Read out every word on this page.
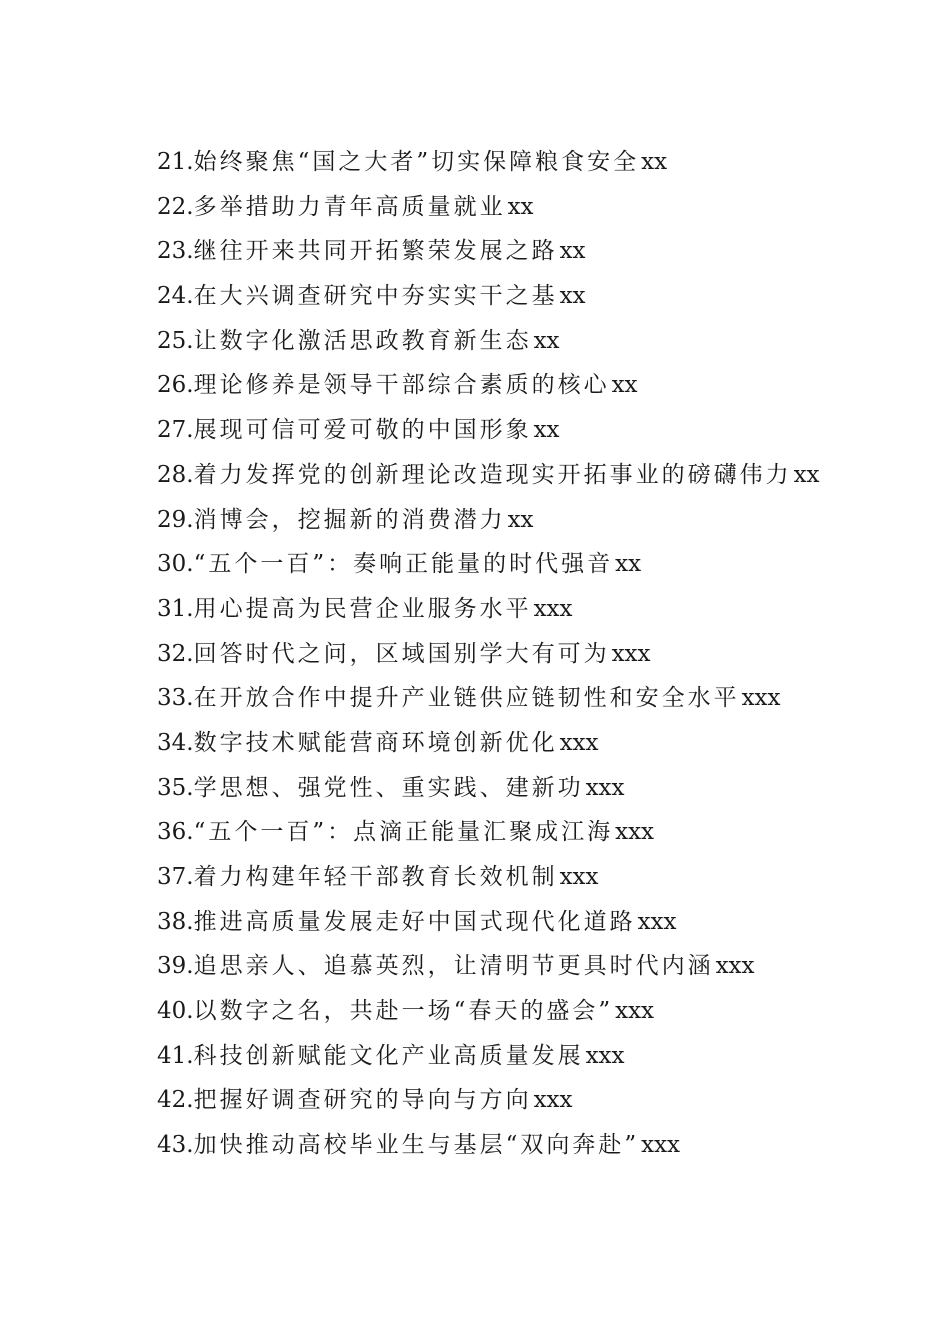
21.始终聚焦“国之大者”切实保障粮食安全xx
22.多举措助力青年高质量就业xx
23.继往开来共同开拓繁荣发展之路xx
24.在大兴调查研究中夯实实干之基xx
25.让数字化激活思政教育新生态xx
26.理论修养是领导干部综合素质的核心xx
27.展现可信可爱可敬的中国形象xx
28.着力发挥党的创新理论改造现实开拓事业的磅礴伟力xx
29.消博会，挖掘新的消费潜力xx
30.“五个一百”：奏响正能量的时代强音xx
31.用心提高为民营企业服务水平xxx
32.回答时代之问，区域国别学大有可为xxx
33.在开放合作中提升产业链供应链韧性和安全水平xxx
34.数字技术赋能营商环境创新优化xxx
35.学思想、强党性、重实践、建新功xxx
36.“五个一百”：点滴正能量汇聚成江海xxx
37.着力构建年轻干部教育长效机制xxx
38.推进高质量发展走好中国式现代化道路xxx
39.追思亲人、追慕英烈，让清明节更具时代内涵xxx
40.以数字之名，共赴一场“春天的盛会”xxx
41.科技创新赋能文化产业高质量发展xxx
42.把握好调查研究的导向与方向xxx
43.加快推动高校毕业生与基层“双向奔赴”xxx
